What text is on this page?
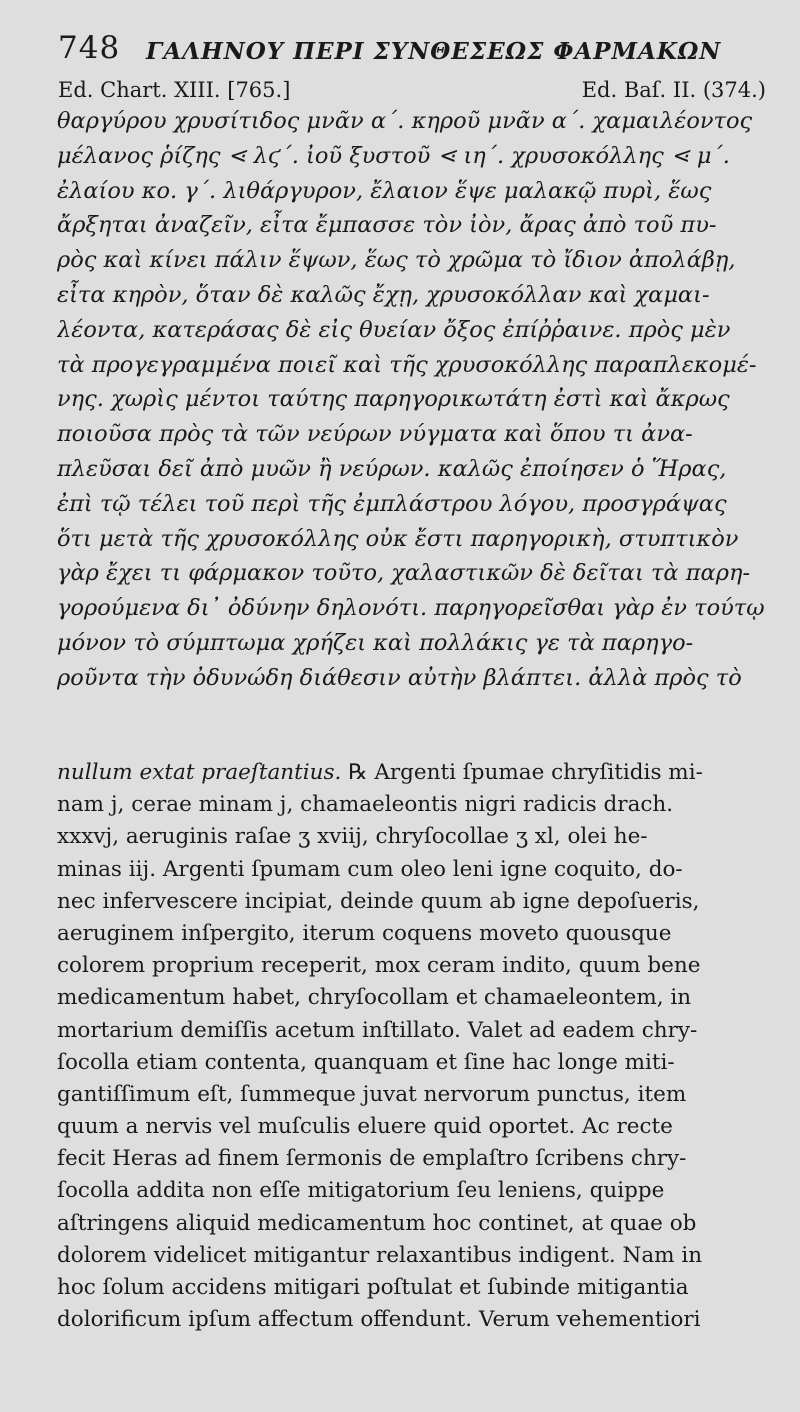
748 ΓΑΛΗΝΟΥ ΠΕΡΙ ΣΥΝΘΕΣΕΩΣ ΦΑΡΜΑΚΩΝ
Ed. Chart. XIII. [765.]	Ed. Baſ. II. (374.)
θαργύρου χρυσίτιδος μνᾶν α΄. κηροῦ μνᾶν α΄. χαμαιλέοντος
μέλανος ῥίζης ⋖ λϛ΄. ἰοῦ ξυστοῦ ⋖ ιη΄. χρυσοκόλλης ⋖ μ΄.
ἐλαίου κο. γ΄. λιθάργυρον, ἔλαιον ἕψε μαλακῷ πυρὶ, ἕως
ἄρξηται ἀναζεῖν, εἶτα ἔμπασσε τὸν ἰὸν, ἄρας ἀπὸ τοῦ πυ-
ρὸς καὶ κίνει πάλιν ἕψων, ἕως τὸ χρῶμα τὸ ἴδιον ἀπολάβῃ,
εἶτα κηρὸν, ὅταν δὲ καλῶς ἔχῃ, χρυσοκόλλαν καὶ χαμαι-
λέοντα, κατεράσας δὲ εἰς θυείαν ὄξος ἐπίῤῥαινε. πρὸς μὲν
τὰ προγεγραμμένα ποιεῖ καὶ τῆς χρυσοκόλλης παραπλεκομέ-
νης. χωρὶς μέντοι ταύτης παρηγορικωτάτη ἐστὶ καὶ ἄκρως
ποιοῦσα πρὸς τὰ τῶν νεύρων νύγματα καὶ ὅπου τι ἀνα-
πλεῦσαι δεῖ ἀπὸ μυῶν ἢ νεύρων. καλῶς ἐποίησεν ὁ Ἥρας,
ἐπὶ τῷ τέλει τοῦ περὶ τῆς ἐμπλάστρου λόγου, προσγράψας
ὅτι μετὰ τῆς χρυσοκόλλης οὐκ ἔστι παρηγορικὴ, στυπτικὸν
γὰρ ἔχει τι φάρμακον τοῦτο, χαλαστικῶν δὲ δεῖται τὰ παρη-
γορούμενα δι᾽ ὀδύνην δηλονότι. παρηγορεῖσθαι γὰρ ἐν τούτῳ
μόνον τὸ σύμπτωμα χρήζει καὶ πολλάκις γε τὰ παρηγο-
ροῦντα τὴν ὀδυνώδη διάθεσιν αὐτὴν βλάπτει. ἀλλὰ πρὸς τὸ
nullum extat praeſtantius. ℞ Argenti ſpumae chryſitidis mi-
nam j, cerae minam j, chamaeleontis nigri radicis drach.
xxxvj, aeruginis raſae ʒ xviij, chryſocollae ʒ xl, olei he-
minas iij. Argenti ſpumam cum oleo leni igne coquito, do-
nec infervescere incipiat, deinde quum ab igne depoſueris,
aeruginem inſpergito, iterum coquens moveto quousque
colorem proprium receperit, mox ceram indito, quum bene
medicamentum habet, chryſocollam et chamaeleontem, in
mortarium demiſſis acetum inſtillato. Valet ad eadem chry-
ſocolla etiam contenta, quanquam et ſine hac longe miti-
gantiſſimum eſt, ſummeque juvat nervorum punctus, item
quum a nervis vel muſculis eluere quid oportet. Ac recte
fecit Heras ad finem ſermonis de emplaſtro ſcribens chry-
ſocolla addita non eſſe mitigatorium ſeu leniens, quippe
aſtringens aliquid medicamentum hoc continet, at quae ob
dolorem videlicet mitigantur relaxantibus indigent. Nam in
hoc ſolum accidens mitigari poſtulat et ſubinde mitigantia
dolorificum ipſum affectum offendunt. Verum vehementiori
